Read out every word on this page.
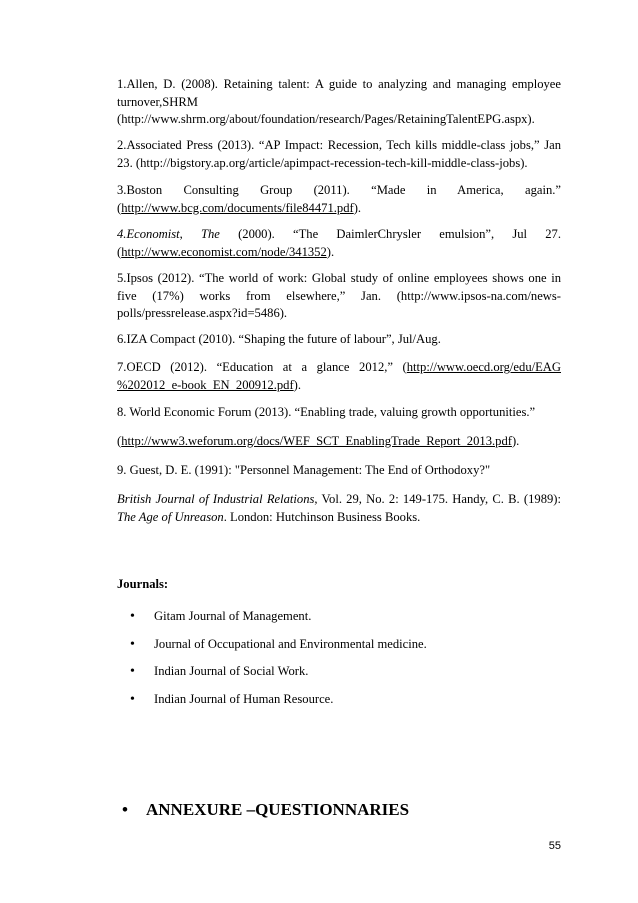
1.Allen, D. (2008). Retaining talent: A guide to analyzing and managing employee
turnover,SHRM
(http://www.shrm.org/about/foundation/research/Pages/RetainingTalentEPG.aspx).
2.Associated Press (2013). “AP Impact: Recession, Tech kills middle-class jobs,” Jan
23. (http://bigstory.ap.org/article/apimpact-recession-tech-kill-middle-class-jobs).
3.Boston Consulting Group (2011). “Made in America, again.”
(http://www.bcg.com/documents/file84471.pdf).
4.Economist, The (2000). “The DaimlerChrysler emulsion”, Jul 27.
(http://www.economist.com/node/341352).
5.Ipsos (2012). “The world of work: Global study of online employees shows one in
five (17%) works from elsewhere,” Jan. (http://www.ipsos-na.com/news-
polls/pressrelease.aspx?id=5486).
6.IZA Compact (2010). “Shaping the future of labour”, Jul/Aug.
7.OECD (2012). “Education at a glance 2012,” (http://www.oecd.org/edu/EAG
%202012_e-book_EN_200912.pdf).
8. World Economic Forum (2013). “Enabling trade, valuing growth opportunities.”
(http://www3.weforum.org/docs/WEF_SCT_EnablingTrade_Report_2013.pdf).
9. Guest, D. E. (1991): "Personnel Management: The End of Orthodoxy?"
British Journal of Industrial Relations, Vol. 29, No. 2: 149-175. Handy, C. B. (1989):
The Age of Unreason. London: Hutchinson Business Books.
Journals:
• Gitam Journal of Management.
• Journal of Occupational and Environmental medicine.
• Indian Journal of Social Work.
• Indian Journal of Human Resource.
• ANNEXURE –QUESTIONNARIES
55
